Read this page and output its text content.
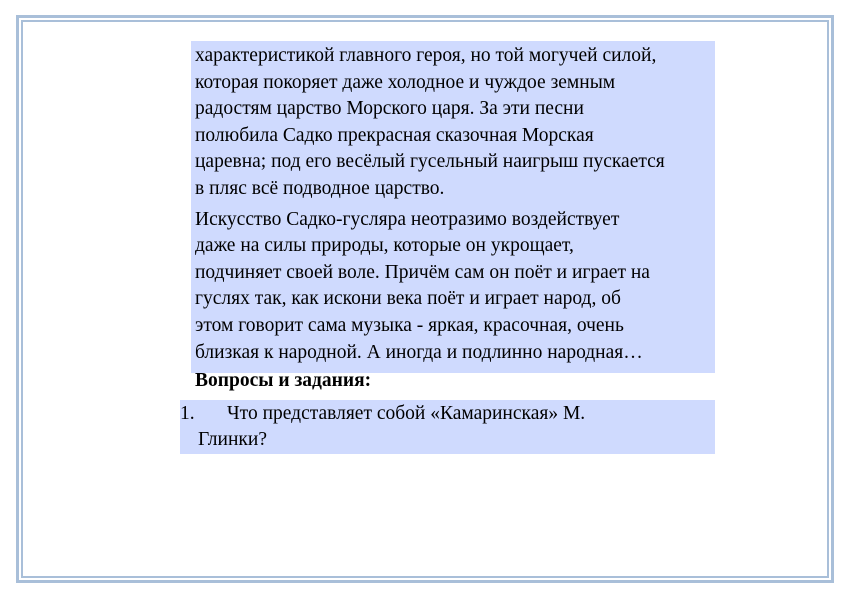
характеристикой главного героя, но той могучей силой,
которая покоряет даже холодное и чуждое земным
радостям царство Морского царя. За эти песни
полюбила Садко прекрасная сказочная Морская
царевна; под его весёлый гусельный наигрыш пускается
в пляс всё подводное царство.

Искусство Садко-гусляра неотразимо воздействует
даже на силы природы, которые он укрощает,
подчиняет своей воле. Причём сам он поёт и играет на
гуслях так, как искони века поёт и играет народ, об
этом говорит сама музыка - яркая, красочная, очень
близкая к народной. А иногда и подлинно народная…

Вопросы и задания:

1. Что представляет собой «Камаринская» М.
Глинки?
